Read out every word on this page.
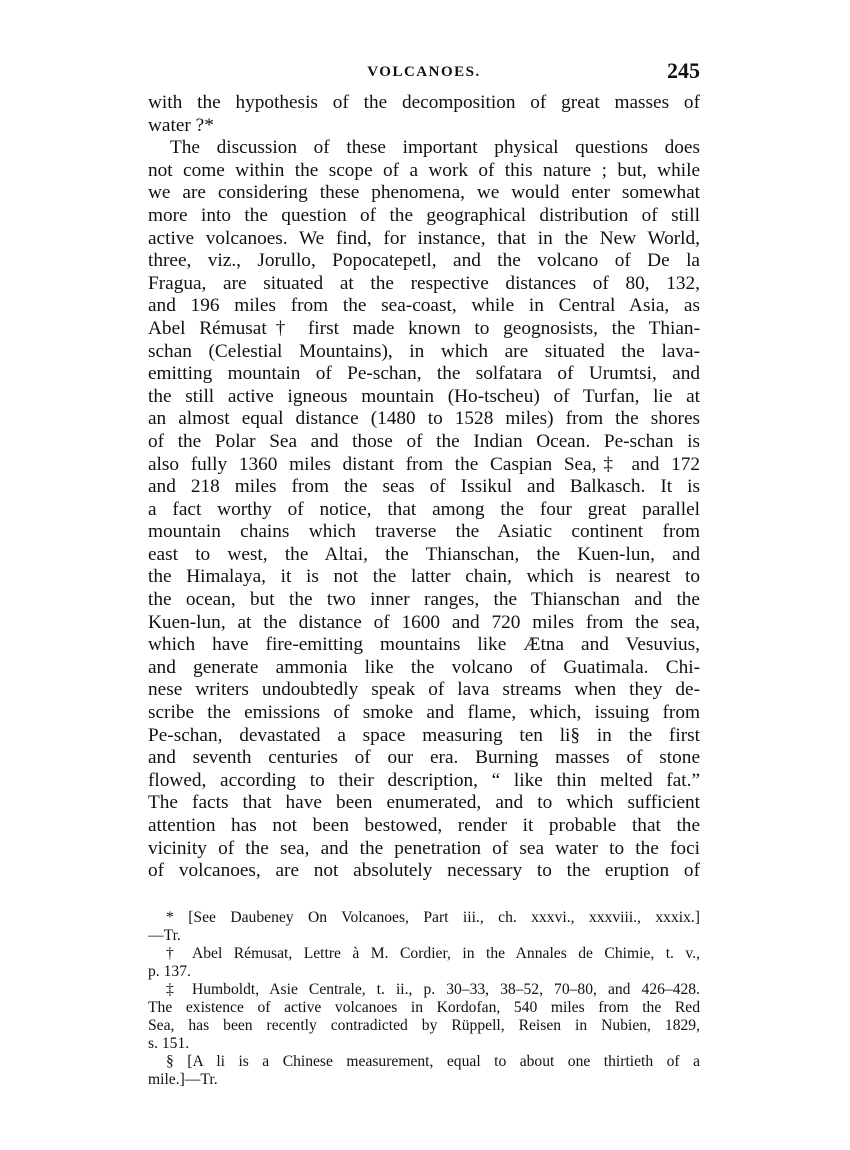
VOLCANOES.	245
with the hypothesis of the decomposition of great masses of
water ?*
The discussion of these important physical questions does
not come within the scope of a work of this nature ; but, while
we are considering these phenomena, we would enter somewhat
more into the question of the geographical distribution of still
active volcanoes. We find, for instance, that in the New World,
three, viz., Jorullo, Popocatepetl, and the volcano of De la
Fragua, are situated at the respective distances of 80, 132,
and 196 miles from the sea-coast, while in Central Asia, as
Abel Rémusat† first made known to geognosists, the Thian-
schan (Celestial Mountains), in which are situated the lava-
emitting mountain of Pe-schan, the solfatara of Urumtsi, and
the still active igneous mountain (Ho-tscheu) of Turfan, lie at
an almost equal distance (1480 to 1528 miles) from the shores
of the Polar Sea and those of the Indian Ocean. Pe-schan is
also fully 1360 miles distant from the Caspian Sea,‡ and 172
and 218 miles from the seas of Issikul and Balkasch. It is
a fact worthy of notice, that among the four great parallel
mountain chains which traverse the Asiatic continent from
east to west, the Altai, the Thianschan, the Kuen-lun, and
the Himalaya, it is not the latter chain, which is nearest to
the ocean, but the two inner ranges, the Thianschan and the
Kuen-lun, at the distance of 1600 and 720 miles from the sea,
which have fire-emitting mountains like Ætna and Vesuvius,
and generate ammonia like the volcano of Guatimala. Chi-
nese writers undoubtedly speak of lava streams when they de-
scribe the emissions of smoke and flame, which, issuing from
Pe-schan, devastated a space measuring ten li§ in the first
and seventh centuries of our era. Burning masses of stone
flowed, according to their description, “ like thin melted fat.”
The facts that have been enumerated, and to which sufficient
attention has not been bestowed, render it probable that the
vicinity of the sea, and the penetration of sea water to the foci
of volcanoes, are not absolutely necessary to the eruption of
* [See Daubeney On Volcanoes, Part iii., ch. xxxvi., xxxviii., xxxix.]
—Tr.
† Abel Rémusat, Lettre à M. Cordier, in the Annales de Chimie, t. v.,
p. 137.
‡ Humboldt, Asie Centrale, t. ii., p. 30–33, 38–52, 70–80, and 426–428.
The existence of active volcanoes in Kordofan, 540 miles from the Red
Sea, has been recently contradicted by Rüppell, Reisen in Nubien, 1829,
s. 151.
§ [A li is a Chinese measurement, equal to about one thirtieth of a
mile.]—Tr.
